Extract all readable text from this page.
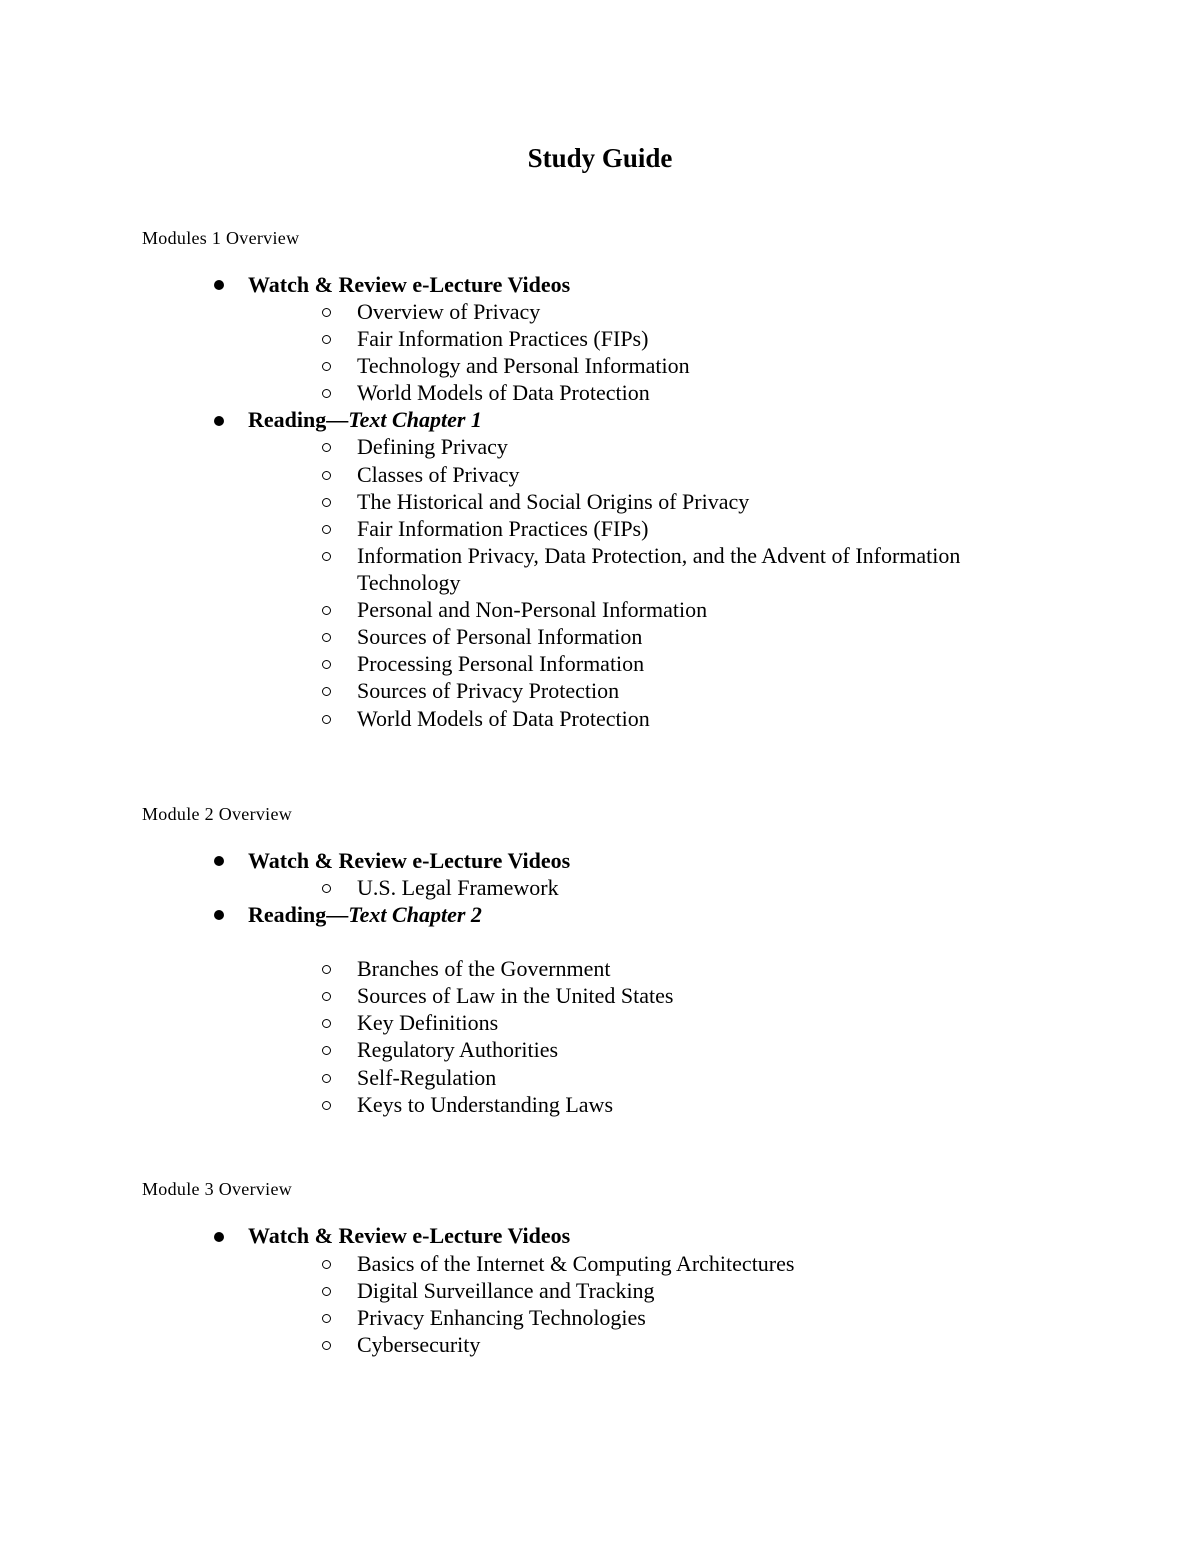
Study Guide
Modules 1 Overview
Watch & Review e-Lecture Videos
Overview of Privacy
Fair Information Practices (FIPs)
Technology and Personal Information
World Models of Data Protection
Reading—Text Chapter 1
Defining Privacy
Classes of Privacy
The Historical and Social Origins of Privacy
Fair Information Practices (FIPs)
Information Privacy, Data Protection, and the Advent of Information Technology
Personal and Non-Personal Information
Sources of Personal Information
Processing Personal Information
Sources of Privacy Protection
World Models of Data Protection
Module 2 Overview
Watch & Review e-Lecture Videos
U.S. Legal Framework
Reading—Text Chapter 2
Branches of the Government
Sources of Law in the United States
Key Definitions
Regulatory Authorities
Self-Regulation
Keys to Understanding Laws
Module 3 Overview
Watch & Review e-Lecture Videos
Basics of the Internet & Computing Architectures
Digital Surveillance and Tracking
Privacy Enhancing Technologies
Cybersecurity
